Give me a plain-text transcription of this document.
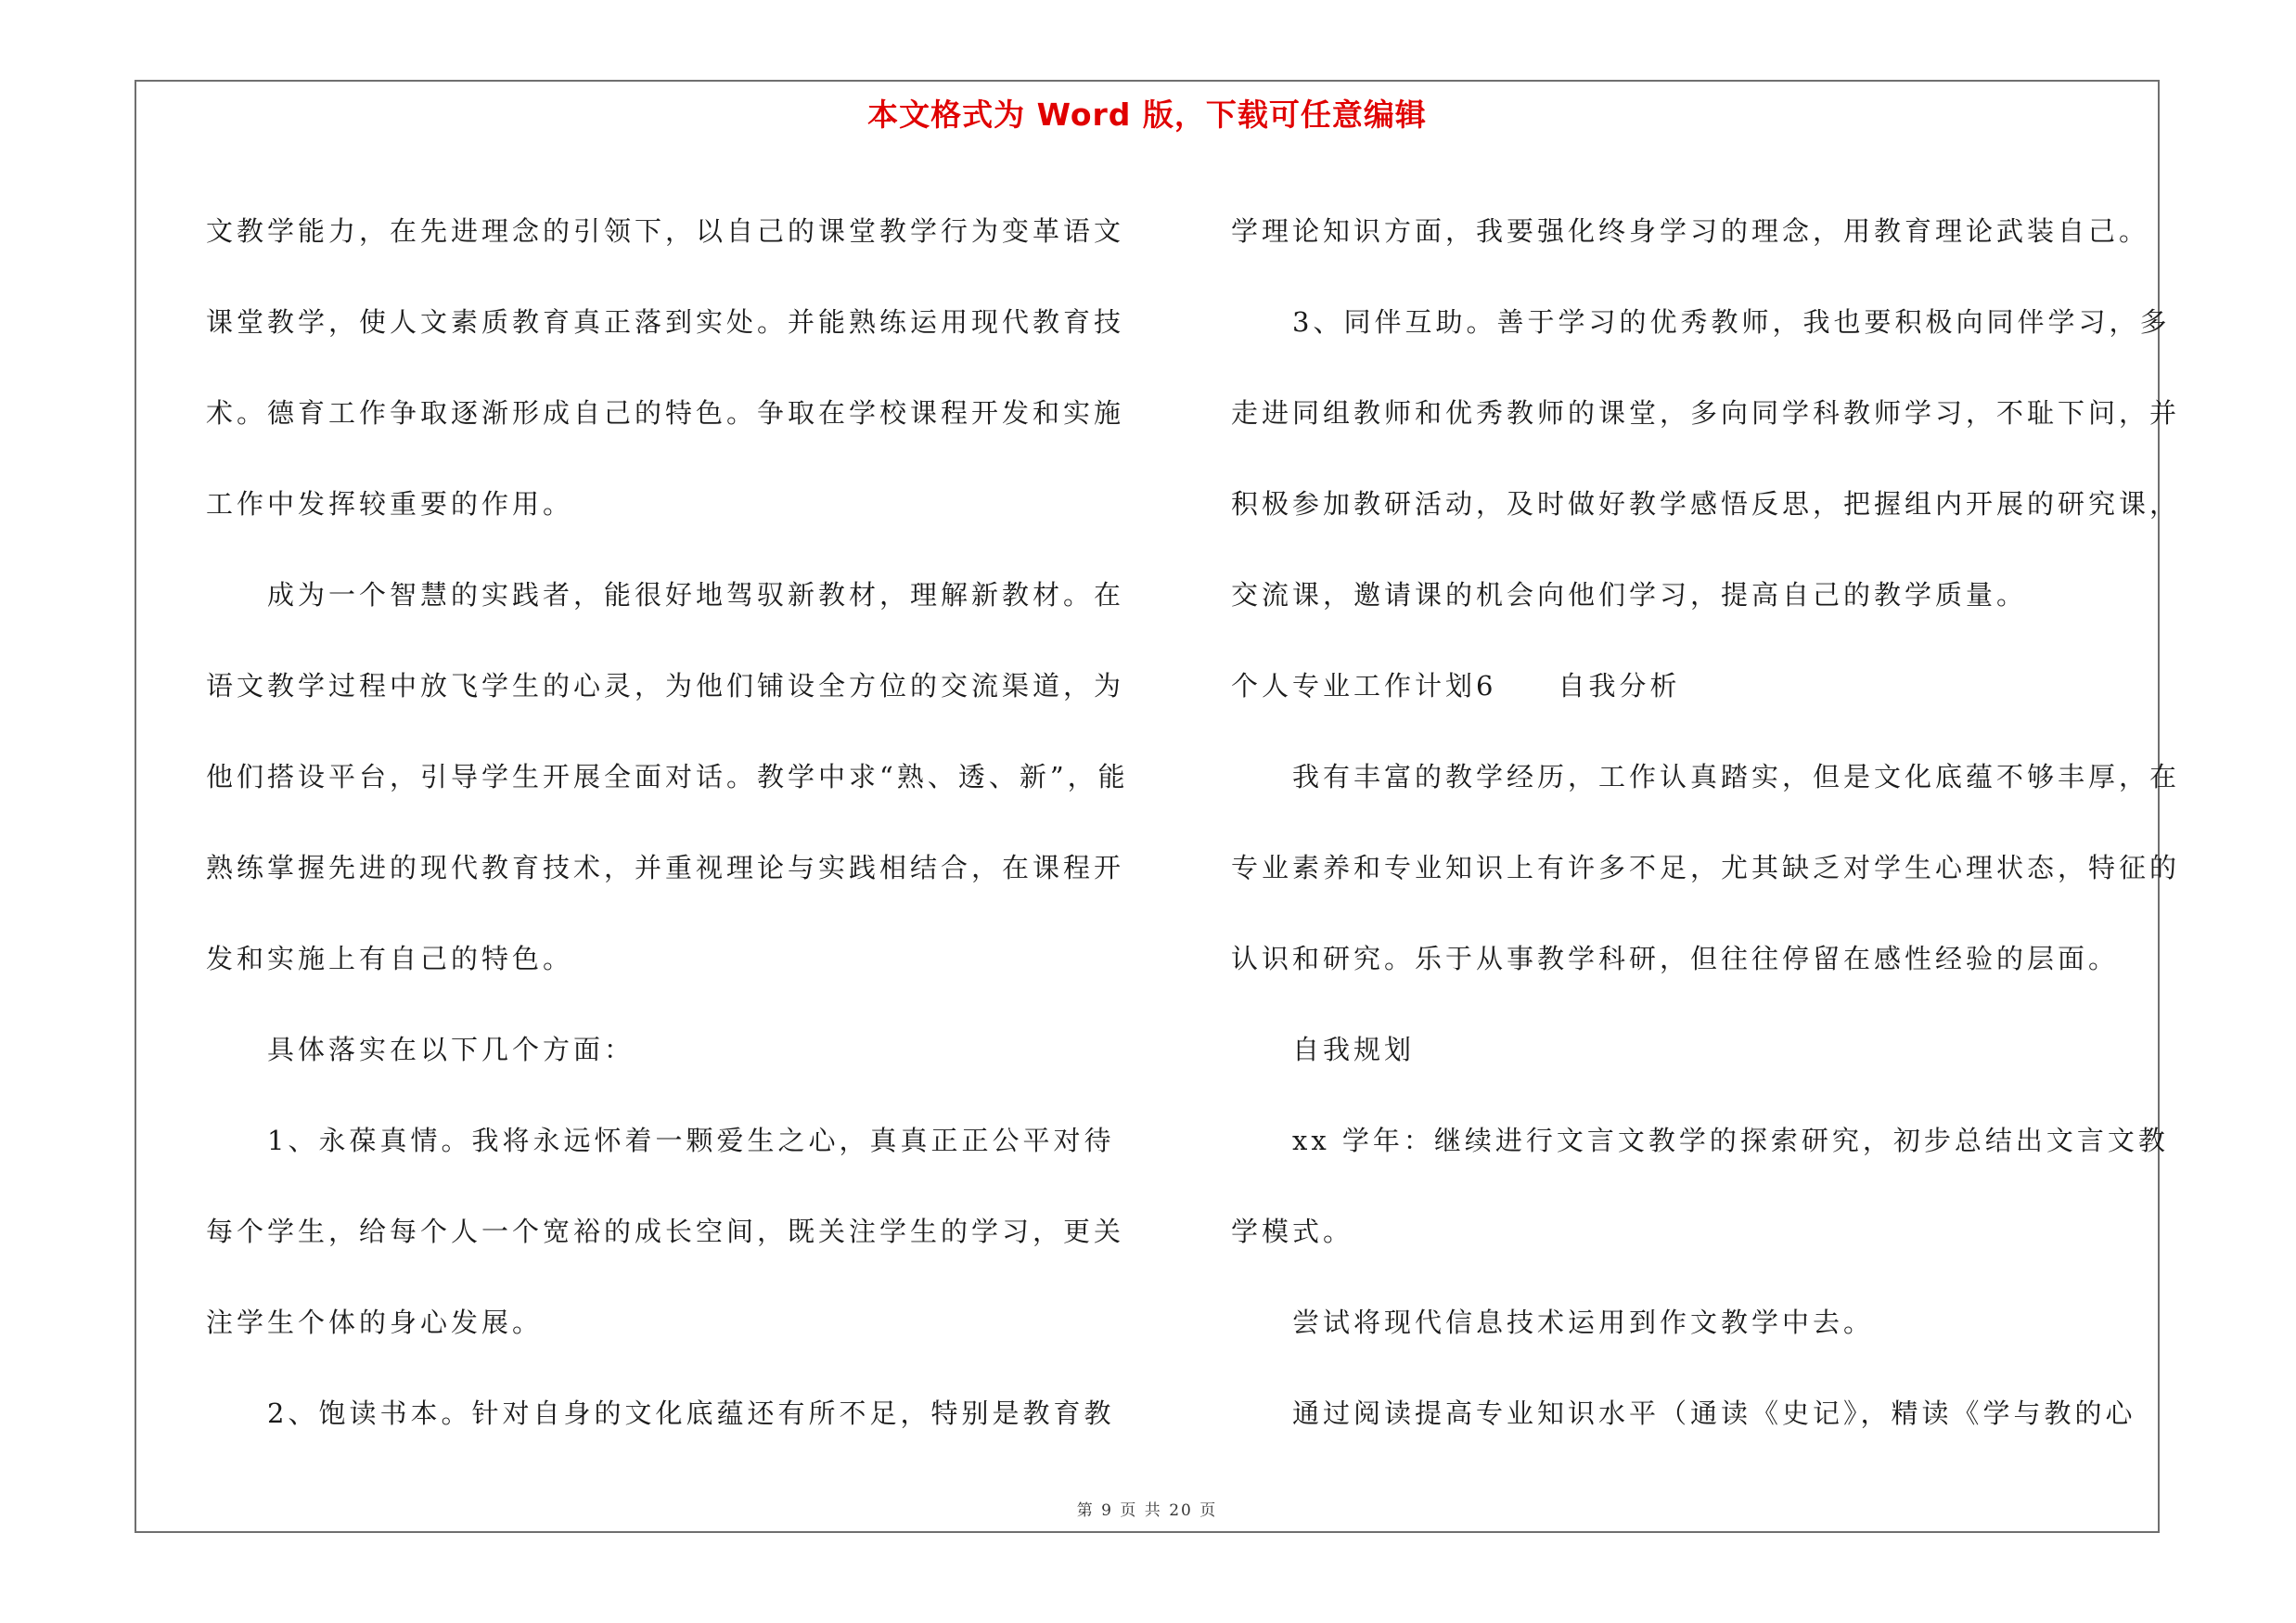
本文格式为 Word 版，下载可任意编辑

文教学能力，在先进理念的引领下，以自己的课堂教学行为变革语文课堂教学，使人文素质教育真正落到实处。并能熟练运用现代教育技术。德育工作争取逐渐形成自己的特色。争取在学校课程开发和实施工作中发挥较重要的作用。

成为一个智慧的实践者，能很好地驾驭新教材，理解新教材。在语文教学过程中放飞学生的心灵，为他们铺设全方位的交流渠道，为他们搭设平台，引导学生开展全面对话。教学中求“熟、透、新”，能熟练掌握先进的现代教育技术，并重视理论与实践相结合，在课程开发和实施上有自己的特色。

具体落实在以下几个方面：

1、永葆真情。我将永远怀着一颗爱生之心，真真正正公平对待每个学生，给每个人一个宽裕的成长空间，既关注学生的学习，更关注学生个体的身心发展。

2、饱读书本。针对自身的文化底蕴还有所不足，特别是教育教

学理论知识方面，我要强化终身学习的理念，用教育理论武装自己。

3、同伴互助。善于学习的优秀教师，我也要积极向同伴学习，多走进同组教师和优秀教师的课堂，多向同学科教师学习，不耻下问，并积极参加教研活动，及时做好教学感悟反思，把握组内开展的研究课，交流课，邀请课的机会向他们学习，提高自己的教学质量。

个人专业工作计划6　　自我分析

我有丰富的教学经历，工作认真踏实，但是文化底蕴不够丰厚，在专业素养和专业知识上有许多不足，尤其缺乏对学生心理状态，特征的认识和研究。乐于从事教学科研，但往往停留在感性经验的层面。

自我规划

xx 学年：继续进行文言文教学的探索研究，初步总结出文言文教学模式。

尝试将现代信息技术运用到作文教学中去。

通过阅读提高专业知识水平（通读《史记》，精读《学与教的心

第 9 页 共 20 页
